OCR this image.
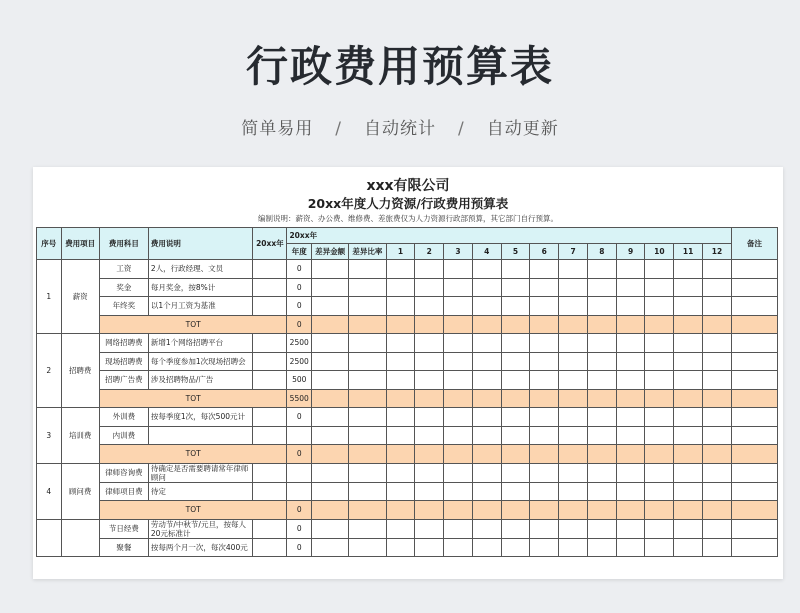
行政费用预算表
简单易用 / 自动统计 / 自动更新
xxx有限公司
20xx年度人力资源/行政费用预算表
编制说明：薪资、办公费、维修费、差旅费仅为人力资源行政部预算，其它部门自行预算。
序号	费用项目	费用科目	费用说明	20xx年	20xx年															备注
					年度	差异金额	差异比率	1	2	3	4	5	6	7	8	9	10	11	12	
1	薪资	工资	2人，行政经理、文员		0															
		奖金	每月奖金，按8%计		0															
		年终奖	以1个月工资为基准		0															
		TOT			0															
2	招聘费	网络招聘费	新增1个网络招聘平台		2500															
		现场招聘费	每个季度参加1次现场招聘会		2500															
		招聘广告费	涉及招聘物品/广告		500															
		TOT			5500															
3	培训费	外训费	按每季度1次，每次500元计		0															
		内训费																		
		TOT			0															
4	顾问费	律师咨询费	待确定是否需要聘请常年律师顾问																	
		律师项目费	待定																	
		TOT			0															
		节日经费	劳动节/中秋节/元旦，按每人20元标准计		0															
		聚餐	按每两个月一次，每次400元		0															
